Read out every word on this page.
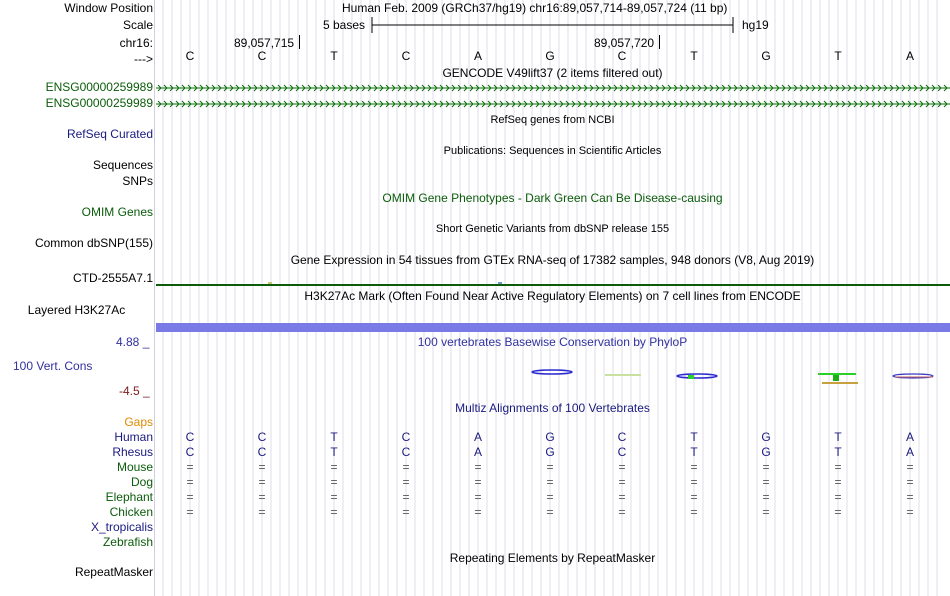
Window Position	Human Feb. 2009 (GRCh37/hg19) chr16:89,057,714-89,057,724 (11 bp)
Scale	5 bases	hg19
chr16:	89,057,715	89,057,720
--->	C	C	T	C	A	G	C	T	G	T	A
GENCODE V49lift37 (2 items filtered out)
ENSG00000259989
ENSG00000259989
RefSeq genes from NCBI
RefSeq Curated
Publications: Sequences in Scientific Articles
Sequences
SNPs
OMIM Gene Phenotypes - Dark Green Can Be Disease-causing
OMIM Genes
Short Genetic Variants from dbSNP release 155
Common dbSNP(155)
Gene Expression in 54 tissues from GTEx RNA-seq of 17382 samples, 948 donors (V8, Aug 2019)
CTD-2555A7.1
H3K27Ac Mark (Often Found Near Active Regulatory Elements) on 7 cell lines from ENCODE
Layered H3K27Ac
4.88 _	100 vertebrates Basewise Conservation by PhyloP
100 Vert. Cons
-4.5 _
Gaps
Multiz Alignments of 100 Vertebrates
Human	C	C	T	C	A	G	C	T	G	T	A
Rhesus	C	C	T	C	A	G	C	T	G	T	A
Mouse	=	=	=	=	=	=	=	=	=	=	=
Dog	=	=	=	=	=	=	=	=	=	=	=
Elephant	=	=	=	=	=	=	=	=	=	=	=
Chicken	=	=	=	=	=	=	=	=	=	=	=
X_tropicalis
Zebrafish
Repeating Elements by RepeatMasker
RepeatMasker
